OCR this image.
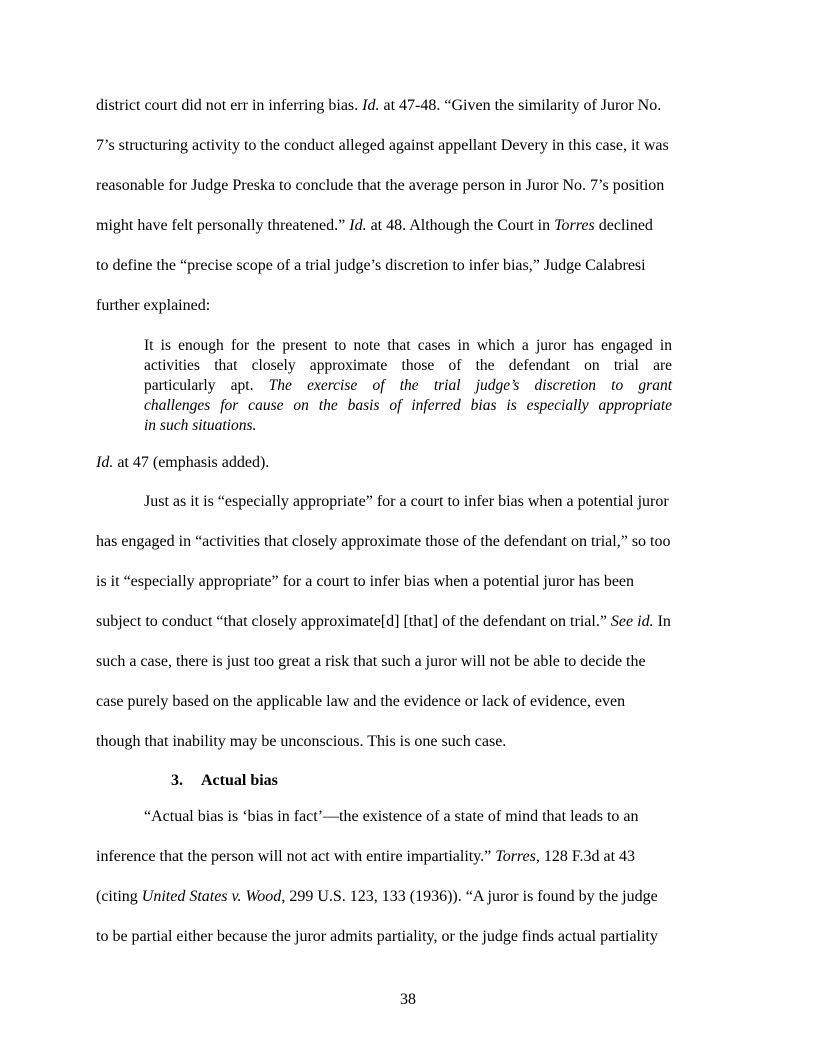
district court did not err in inferring bias. Id. at 47-48. “Given the similarity of Juror No.
7’s structuring activity to the conduct alleged against appellant Devery in this case, it was
reasonable for Judge Preska to conclude that the average person in Juror No. 7’s position
might have felt personally threatened.” Id. at 48. Although the Court in Torres declined
to define the “precise scope of a trial judge’s discretion to infer bias,” Judge Calabresi
further explained:
It is enough for the present to note that cases in which a juror has engaged in
activities that closely approximate those of the defendant on trial are
particularly apt. The exercise of the trial judge’s discretion to grant
challenges for cause on the basis of inferred bias is especially appropriate
in such situations.
Id. at 47 (emphasis added).
Just as it is “especially appropriate” for a court to infer bias when a potential juror
has engaged in “activities that closely approximate those of the defendant on trial,” so too
is it “especially appropriate” for a court to infer bias when a potential juror has been
subject to conduct “that closely approximate[d] [that] of the defendant on trial.” See id. In
such a case, there is just too great a risk that such a juror will not be able to decide the
case purely based on the applicable law and the evidence or lack of evidence, even
though that inability may be unconscious. This is one such case.
3. Actual bias
“Actual bias is ‘bias in fact’—the existence of a state of mind that leads to an
inference that the person will not act with entire impartiality.” Torres, 128 F.3d at 43
(citing United States v. Wood, 299 U.S. 123, 133 (1936)). “A juror is found by the judge
to be partial either because the juror admits partiality, or the judge finds actual partiality
38
